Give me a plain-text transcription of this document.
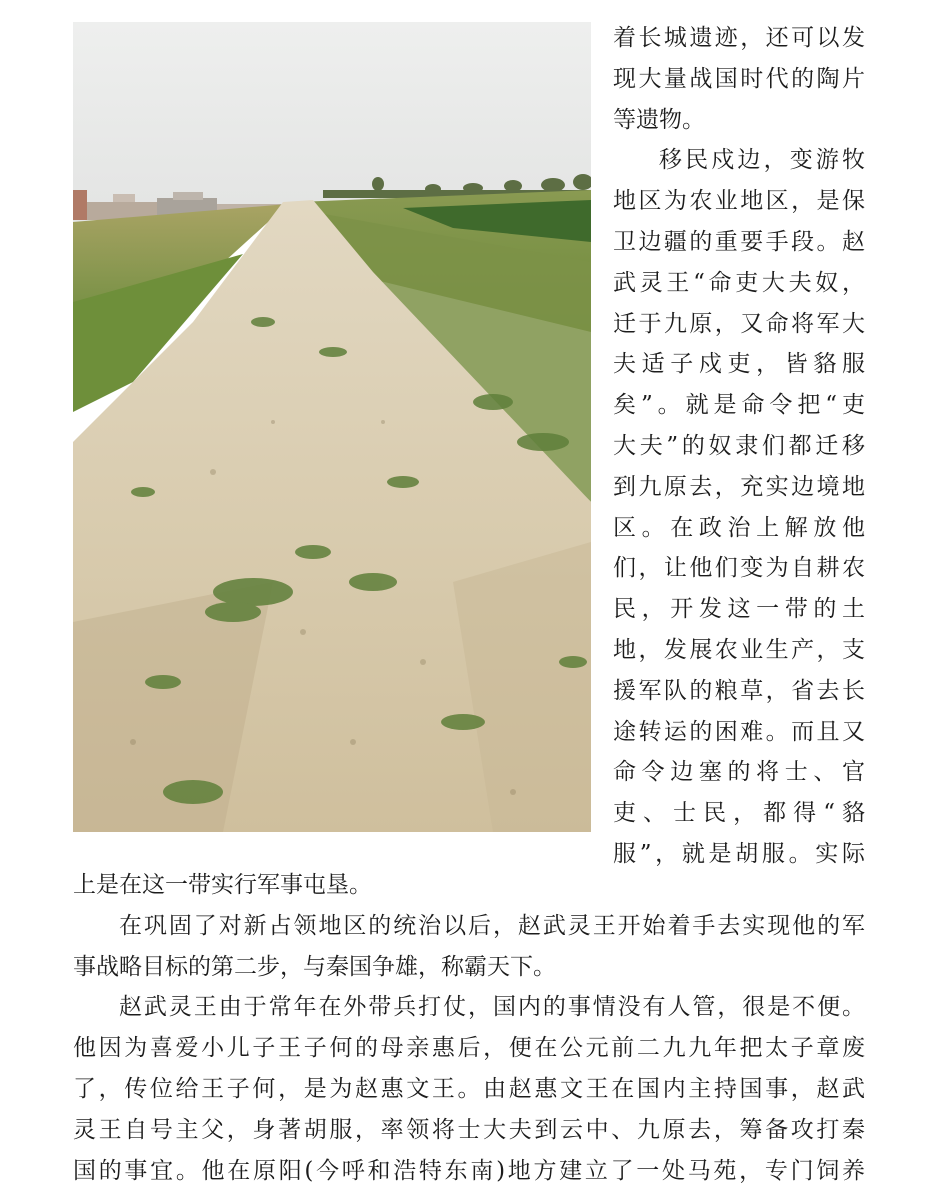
着长城遗迹，还可以发
现大量战国时代的陶片
等遗物。
移民戍边，变游牧
地区为农业地区，是保
卫边疆的重要手段。赵
武灵王“命吏大夫奴，
迁于九原，又命将军大
夫适子戍吏，皆貉服
矣”。就是命令把“吏
大夫”的奴隶们都迁移
到九原去，充实边境地
区。在政治上解放他
们，让他们变为自耕农
民，开发这一带的土
地，发展农业生产，支
援军队的粮草，省去长
途转运的困难。而且又
命令边塞的将士、官
吏、士民，都得“貉
服”，就是胡服。实际
上是在这一带实行军事屯垦。
在巩固了对新占领地区的统治以后，赵武灵王开始着手去实现他的军
事战略目标的第二步，与秦国争雄，称霸天下。
赵武灵王由于常年在外带兵打仗，国内的事情没有人管，很是不便。
他因为喜爱小儿子王子何的母亲惠后，便在公元前二九九年把太子章废
了，传位给王子何，是为赵惠文王。由赵惠文王在国内主持国事，赵武
灵王自号主父，身著胡服，率领将士大夫到云中、九原去，筹备攻打秦
国的事宜。他在原阳(今呼和浩特东南)地方建立了一处马苑，专门饲养
